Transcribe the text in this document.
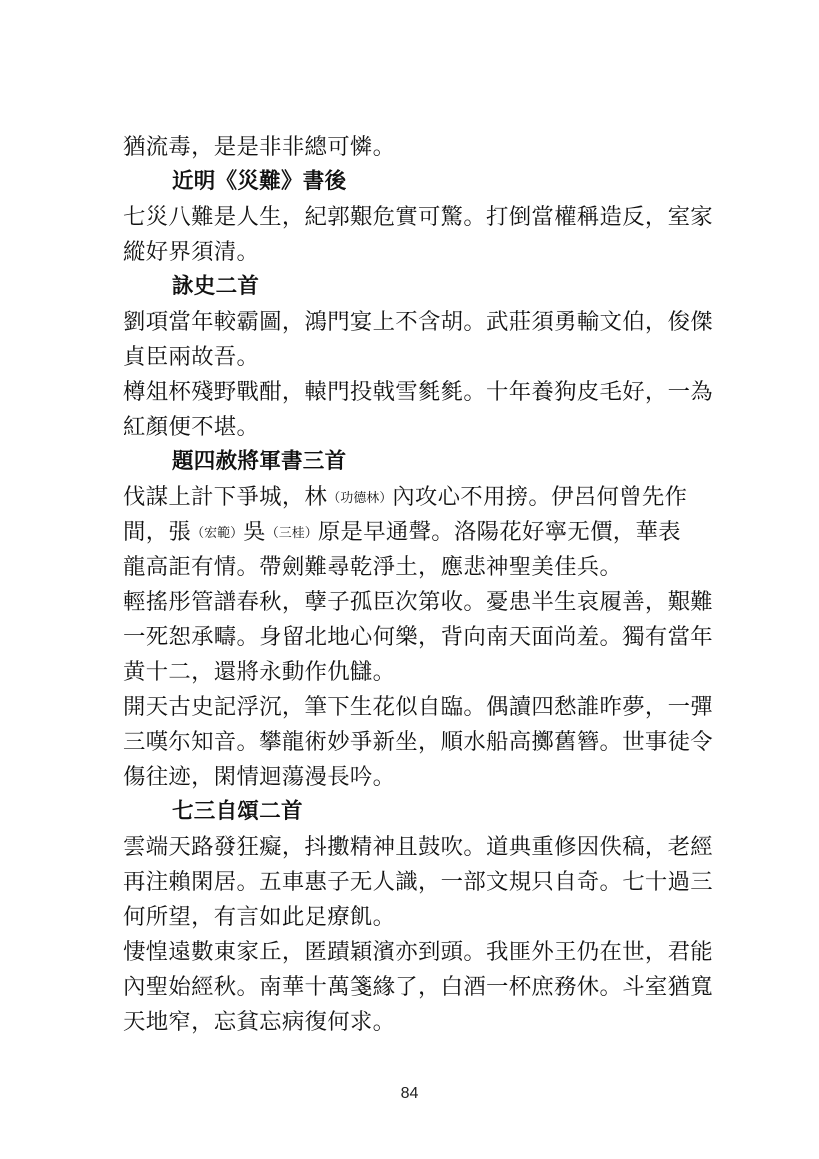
猶流毒，是是非非總可憐。

近明《災難》書後

七災八難是人生，紀郭艱危實可驚。打倒當權稱造反，室家

縱好界須清。

詠史二首

劉項當年較霸圖，鴻門宴上不含胡。武莊須勇輸文伯，俊傑

貞臣兩故吾。

樽俎杯殘野戰酣，轅門投戟雪毿毿。十年養狗皮毛好，一為

紅顏便不堪。

題四赦將軍書三首

伐謀上計下爭城，林（功德林）內攻心不用搒。伊呂何曾先作

間，張（宏範）吳（三桂）原是早通聲。洛陽花好寧无價，華表

龍高詎有情。帶劍難尋乾淨土，應悲神聖美佳兵。

輕搖彤管譜春秋，孽子孤臣次第收。憂患半生哀履善，艱難

一死恕承疇。身留北地心何樂，背向南天面尚羞。獨有當年

黄十二，還將永動作仇讎。

開天古史記浮沉，筆下生花似自臨。偶讀四愁誰昨夢，一彈

三嘆尓知音。攀龍術妙爭新坐，順水船高擲舊簪。世事徒令

傷往迹，閑情迴蕩漫長吟。

七三自頌二首

雲端天路發狂癡，抖擻精神且鼓吹。道典重修因佚稿，老經

再注賴閑居。五車惠子无人識，一部文規只自奇。七十過三

何所望，有言如此足療飢。

悽惶遠數東家丘，匿蹟穎濱亦到頭。我匪外王仍在世，君能

內聖始經秋。南華十萬箋緣了，白酒一杯庶務休。斗室猶寬

天地窄，忘貧忘病復何求。

84
